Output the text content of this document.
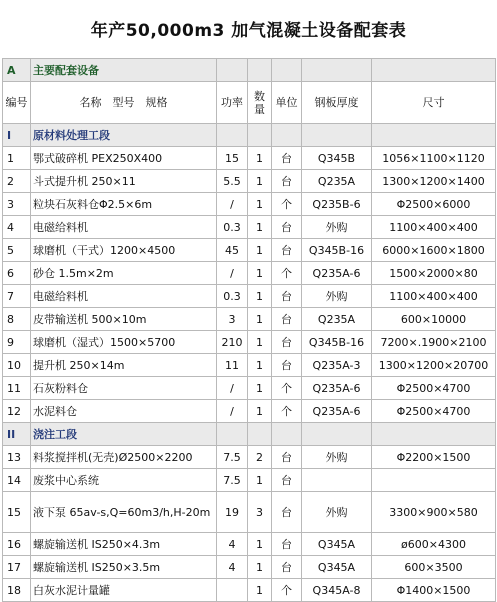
年产50,000m3 加气混凝土设备配套表
A	主要配套设备					
编号	名称　型号　规格	功率	数量	单位	钢板厚度	尺寸
I	原材料处理工段					
1	鄂式破碎机 PEX250X400	15	1	台	Q345B	1056×1100×1120
2	斗式提升机 250×11	5.5	1	台	Q235A	1300×1200×1400
3	粒块石灰料仓Φ2.5×6m	/	1	个	Q235B-6	Φ2500×6000
4	电磁给料机	0.3	1	台	外购	1100×400×400
5	球磨机（干式）1200×4500	45	1	台	Q345B-16	6000×1600×1800
6	砂仓 1.5m×2m	/	1	个	Q235A-6	1500×2000×80
7	电磁给料机	0.3	1	台	外购	1100×400×400
8	皮带输送机 500×10m	3	1	台	Q235A	600×10000
9	球磨机（湿式）1500×5700	210	1	台	Q345B-16	7200×.1900×2100
10	提升机 250×14m	11	1	台	Q235A-3	1300×1200×20700
11	石灰粉料仓	/	1	个	Q235A-6	Φ2500×4700
12	水泥料仓	/	1	个	Q235A-6	Φ2500×4700
II	浇注工段					
13	料浆搅拌机(无壳)Ø2500×2200	7.5	2	台	外购	Φ2200×1500
14	废浆中心系统	7.5	1	台		
15	液下泵 65av-s,Q=60m3/h,H-20m	19	3	台	外购	3300×900×580
16	螺旋输送机 IS250×4.3m	4	1	台	Q345A	ø600×4300
17	螺旋输送机 IS250×3.5m	4	1	台	Q345A	600×3500
18	白灰水泥计量罐		1	个	Q345A-8	Φ1400×1500
